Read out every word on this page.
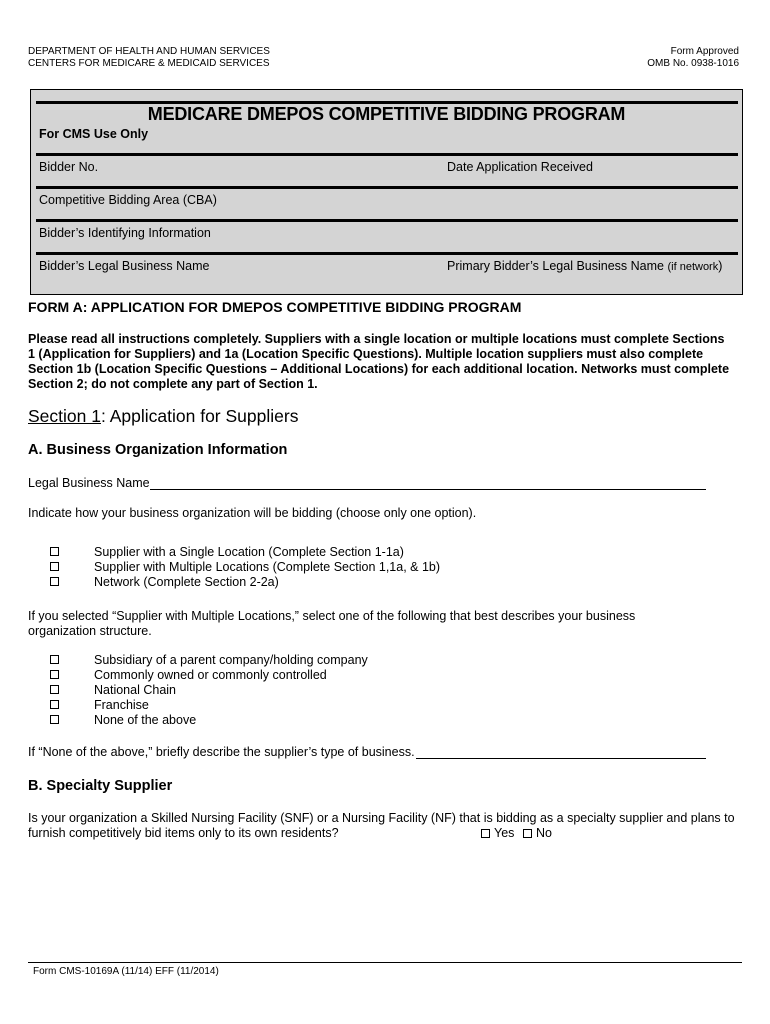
DEPARTMENT OF HEALTH AND HUMAN SERVICES
CENTERS FOR MEDICARE & MEDICAID SERVICES
Form Approved
OMB No. 0938-1016
MEDICARE DMEPOS COMPETITIVE BIDDING PROGRAM
For CMS Use Only
Bidder No.	Date Application Received
Competitive Bidding Area (CBA)
Bidder’s Identifying Information
Bidder’s Legal Business Name	Primary Bidder’s Legal Business Name (if network)
FORM A: APPLICATION FOR DMEPOS COMPETITIVE BIDDING PROGRAM
Please read all instructions completely. Suppliers with a single location or multiple locations must complete Sections
1 (Application for Suppliers) and 1a (Location Specific Questions). Multiple location suppliers must also complete
Section 1b (Location Specific Questions – Additional Locations) for each additional location. Networks must complete
Section 2; do not complete any part of Section 1.
Section 1: Application for Suppliers
A. Business Organization Information
Legal Business Name
Indicate how your business organization will be bidding (choose only one option).
Supplier with a Single Location (Complete Section 1-1a)
Supplier with Multiple Locations (Complete Section 1,1a, & 1b)
Network (Complete Section 2-2a)
If you selected “Supplier with Multiple Locations,” select one of the following that best describes your business
organization structure.
Subsidiary of a parent company/holding company
Commonly owned or commonly controlled
National Chain
Franchise
None of the above
If “None of the above,” briefly describe the supplier’s type of business.
B. Specialty Supplier
Is your organization a Skilled Nursing Facility (SNF) or a Nursing Facility (NF) that is bidding as a specialty supplier and plans to
furnish competitively bid items only to its own residents?	Yes	No
Form CMS-10169A (11/14) EFF (11/2014)
